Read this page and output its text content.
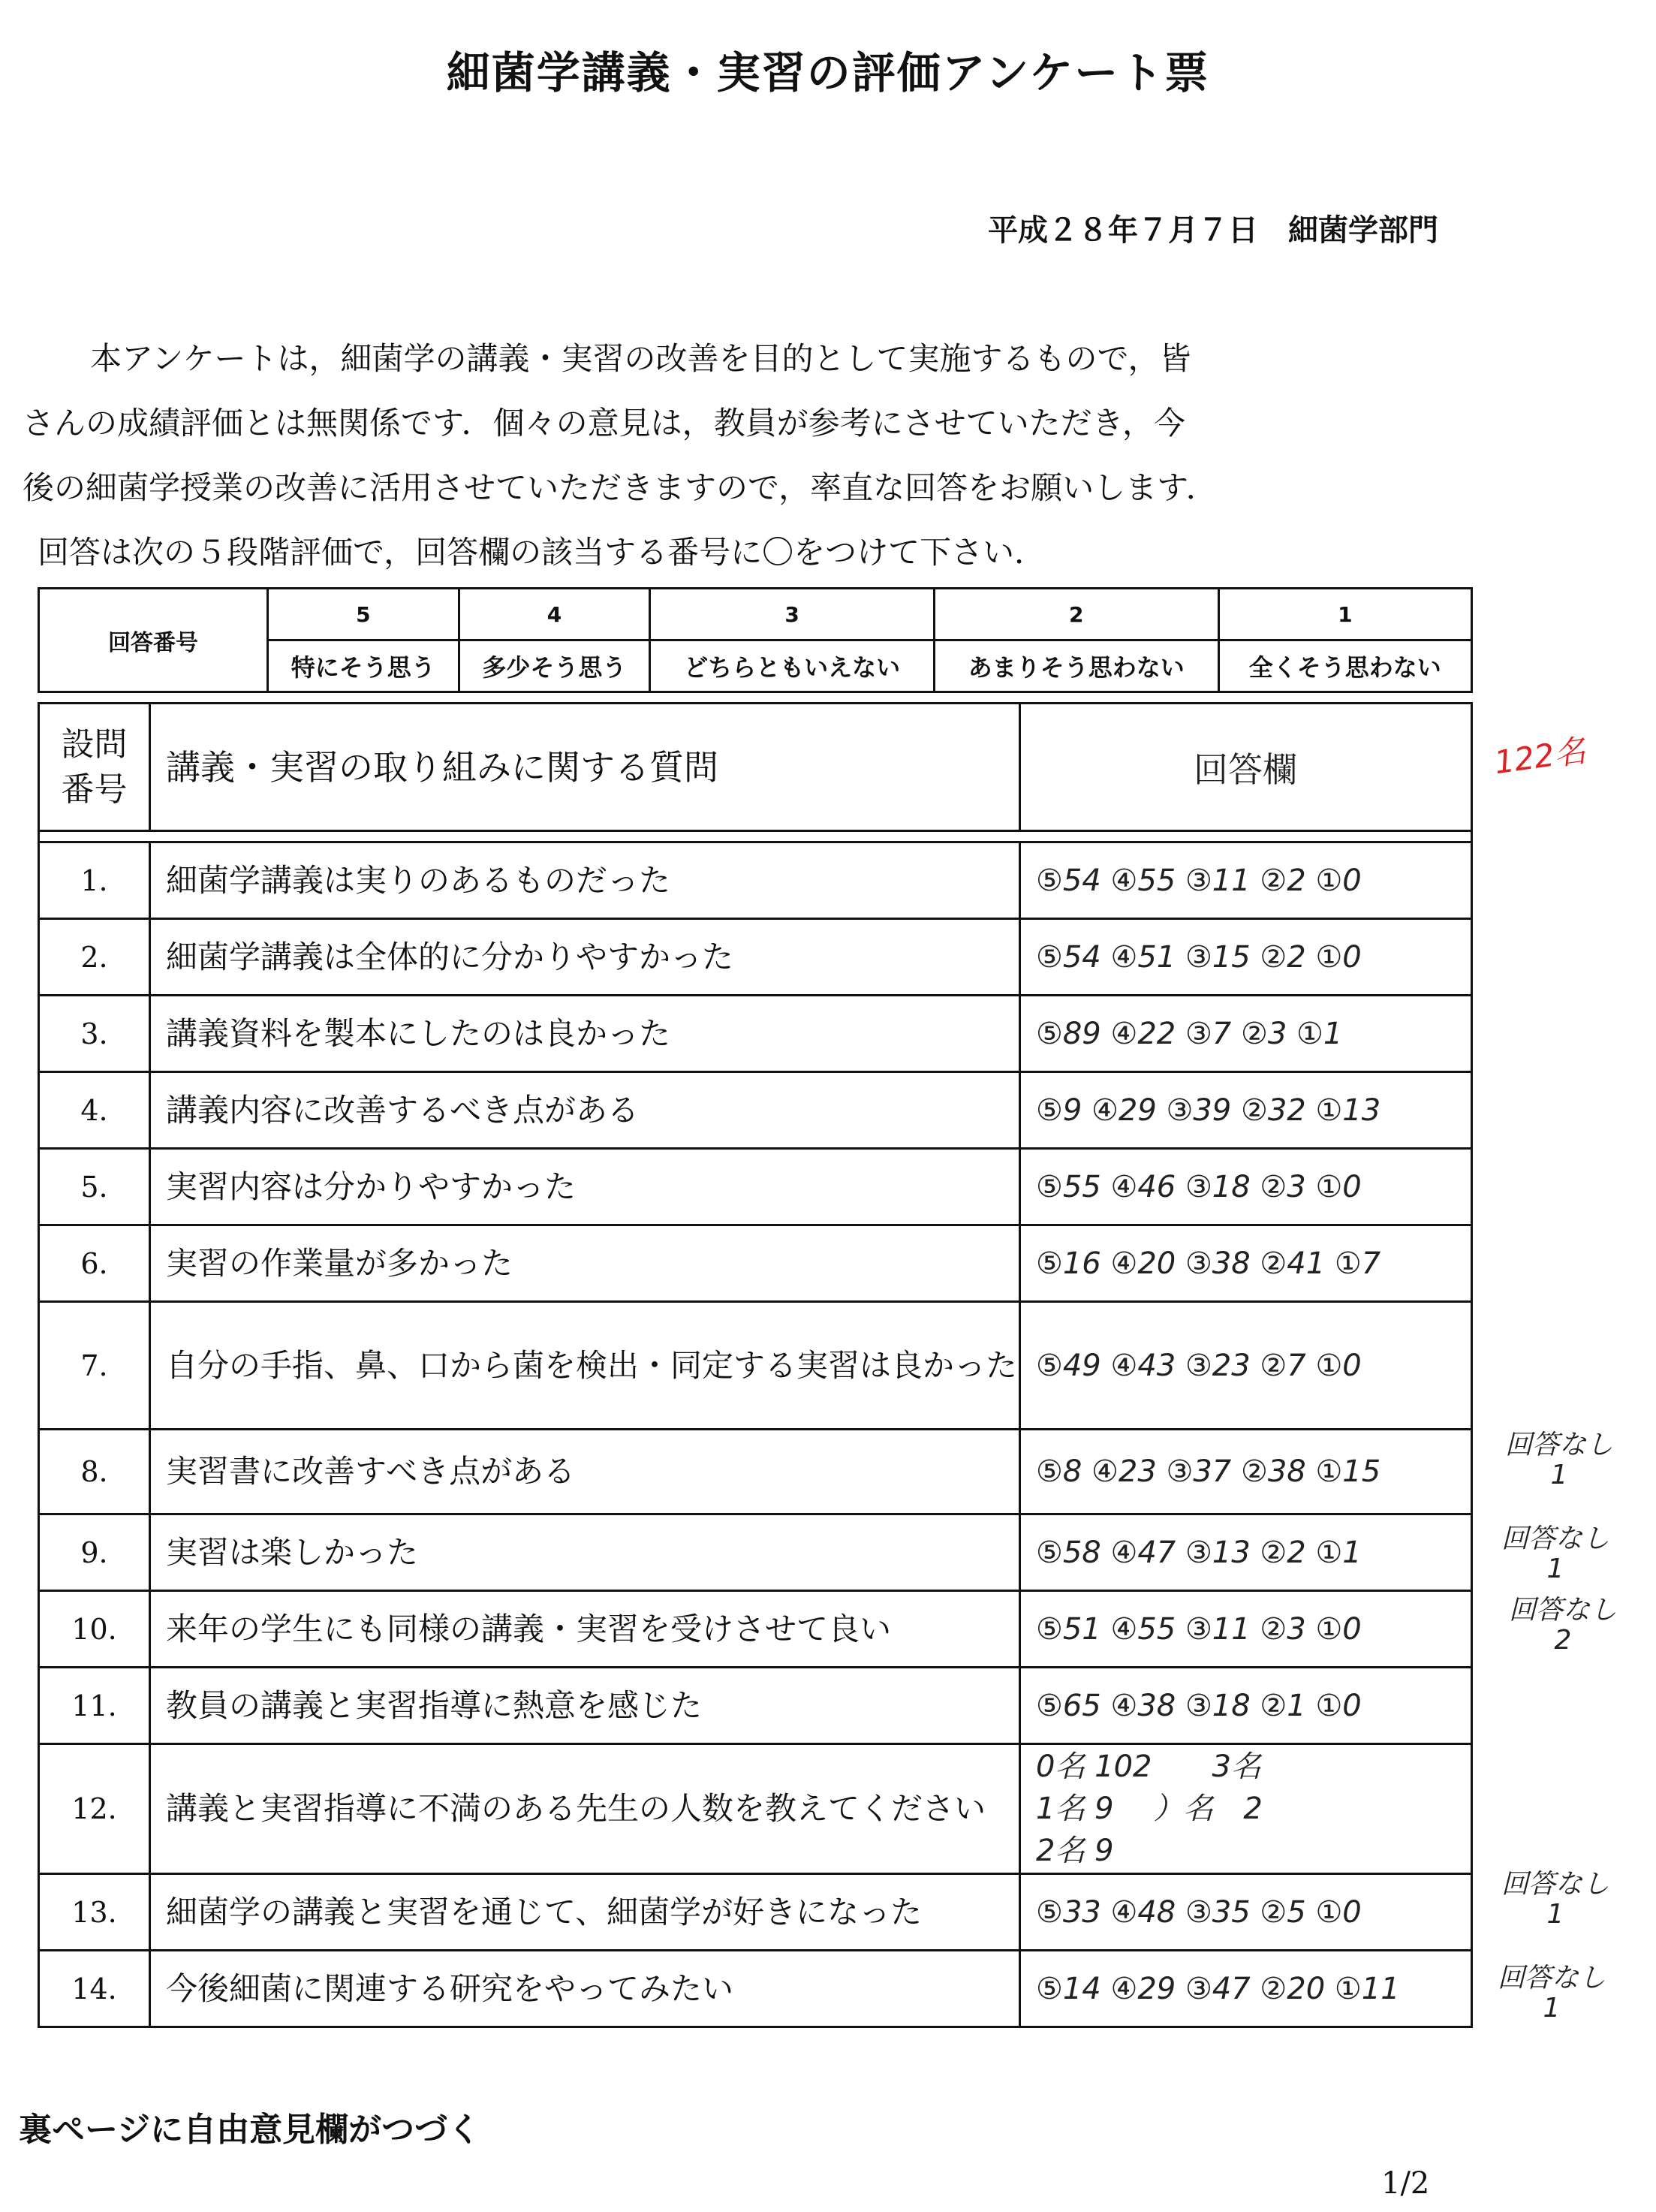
細菌学講義・実習の評価アンケート票
平成２８年７月７日　細菌学部門

本アンケートは，細菌学の講義・実習の改善を目的として実施するもので，皆

さんの成績評価とは無関係です．個々の意見は，教員が参考にさせていただき，今

後の細菌学授業の改善に活用させていただきますので，率直な回答をお願いします．

回答は次の５段階評価で，回答欄の該当する番号に〇をつけて下さい．

回答番号	5	4	3	2	1
	特にそう思う	多少そう思う	どちらともいえない	あまりそう思わない	全くそう思わない
設問
番号	講義・実習の取り組みに関する質問	回答欄

1.	細菌学講義は実りのあるものだった	⑤54 ④55 ③11 ②2 ①0
2.	細菌学講義は全体的に分かりやすかった	⑤54 ④51 ③15 ②2 ①0
3.	講義資料を製本にしたのは良かった	⑤89 ④22 ③7 ②3 ①1
4.	講義内容に改善するべき点がある	⑤9 ④29 ③39 ②32 ①13
5.	実習内容は分かりやすかった	⑤55 ④46 ③18 ②3 ①0
6.	実習の作業量が多かった	⑤16 ④20 ③38 ②41 ①7
7.	自分の手指、鼻、口から菌を検出・同定する実習は良かった	⑤49 ④43 ③23 ②7 ①0
8.	実習書に改善すべき点がある	⑤8 ④23 ③37 ②38 ①15
9.	実習は楽しかった	⑤58 ④47 ③13 ②2 ①1
10.	来年の学生にも同様の講義・実習を受けさせて良い	⑤51 ④55 ③11 ②3 ①0
11.	教員の講義と実習指導に熱意を感じた	⑤65 ④38 ③18 ②1 ①0
12.	講義と実習指導に不満のある先生の人数を教えてください	0名 102　　3名
1名 9　 ）名　2
2名 9

13.	細菌学の講義と実習を通じて、細菌学が好きになった	⑤33 ④48 ③35 ②5 ①0
14.	今後細菌に関連する研究をやってみたい	⑤14 ④29 ③47 ②20 ①11
122名
回答なし
1
回答なし
1
回答なし
2
回答なし
1
回答なし
1
裏ページに自由意見欄がつづく
1/2
